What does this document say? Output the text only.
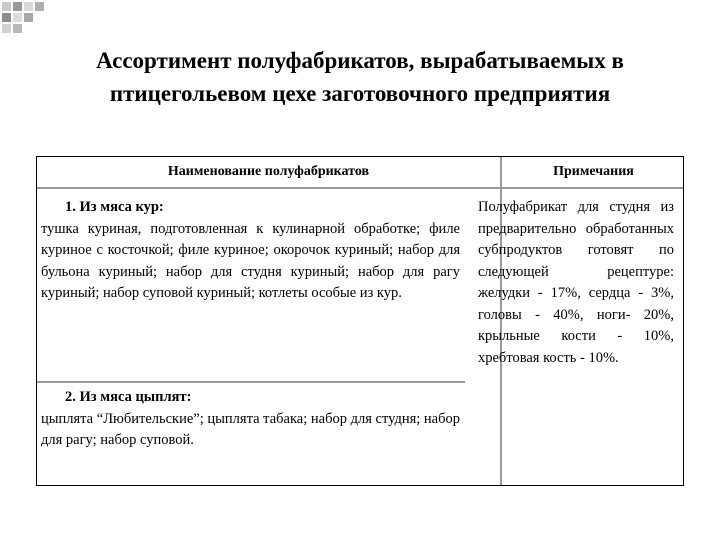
Ассортимент полуфабрикатов, вырабатываемых в птицегольевом цехе заготовочного предприятия
Наименование полуфабрикатов	Примечания
1. Из мяса кур:
тушка куриная, подготовленная к кулинарной обработке; филе куриное с косточкой; филе куриное; окорочок куриный; набор для бульона куриный; набор для студня куриный; набор для рагу куриный; набор суповой куриный; котлеты особые из кур.
2. Из мяса цыплят:
цыплята “Любительские”; цыплята табака; набор для студня; набор для рагу; набор суповой.
Полуфабрикат для студня из предварительно обработанных субпродуктов готовят по следующей рецептуре: желудки - 17%, сердца - 3%, головы - 40%, ноги- 20%, крыльные кости - 10%, хребтовая кость - 10%.
